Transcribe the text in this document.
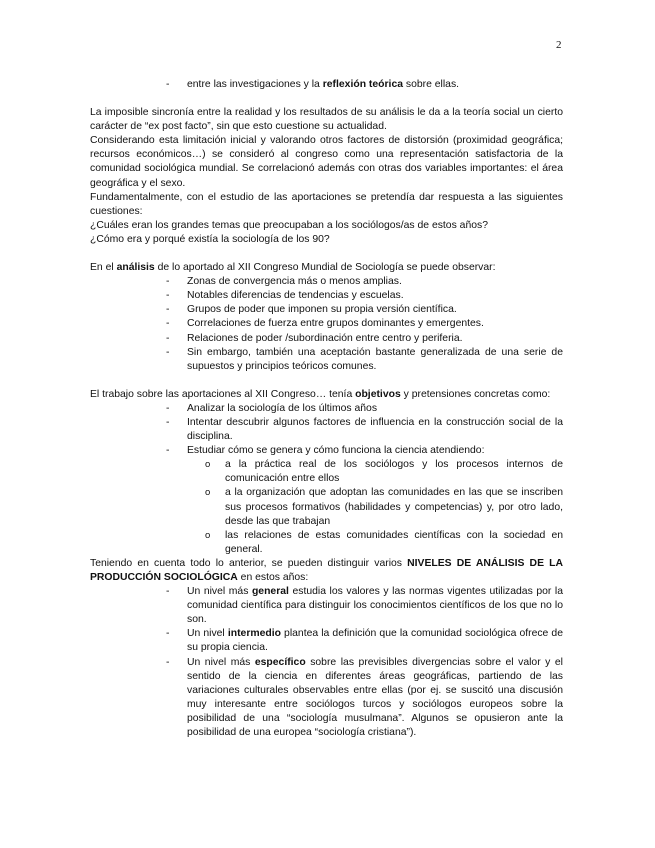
2
- entre las investigaciones y la reflexión teórica sobre ellas.

La imposible sincronía entre la realidad y los resultados de su análisis le da a la teoría social un cierto carácter de “ex post facto”, sin que esto cuestione su actualidad.

Considerando esta limitación inicial y valorando otros factores de distorsión (proximidad geográfica; recursos económicos…) se consideró al congreso como una representación satisfactoria de la comunidad sociológica mundial. Se correlacionó además con otras dos variables importantes: el área geográfica y el sexo.

Fundamentalmente, con el estudio de las aportaciones se pretendía dar respuesta a las siguientes cuestiones:

¿Cuáles eran los grandes temas que preocupaban a los sociólogos/as de estos años?

¿Cómo era y porqué existía la sociología de los 90?

En el análisis de lo aportado al XII Congreso Mundial de Sociología se puede observar:

- Zonas de convergencia más o menos amplias.
- Notables diferencias de tendencias y escuelas.
- Grupos de poder que imponen su propia versión científica.
- Correlaciones de fuerza entre grupos dominantes y emergentes.
- Relaciones de poder /subordinación entre centro y periferia.
- Sin embargo, también una aceptación bastante generalizada de una serie de supuestos y principios teóricos comunes.

El trabajo sobre las aportaciones al XII Congreso… tenía objetivos y pretensiones concretas como:

- Analizar la sociología de los últimos años
- Intentar descubrir algunos factores de influencia en la construcción social de la disciplina.
- Estudiar cómo se genera y cómo funciona la ciencia atendiendo:
o a la práctica real de los sociólogos y los procesos internos de comunicación entre ellos
o a la organización que adoptan las comunidades en las que se inscriben sus procesos formativos (habilidades y competencias) y, por otro lado, desde las que trabajan
o las relaciones de estas comunidades científicas con la sociedad en general.

Teniendo en cuenta todo lo anterior, se pueden distinguir varios NIVELES DE ANÁLISIS DE LA PRODUCCIÓN SOCIOLÓGICA en estos años:

- Un nivel más general estudia los valores y las normas vigentes utilizadas por la comunidad científica para distinguir los conocimientos científicos de los que no lo son.
- Un nivel intermedio plantea la definición que la comunidad sociológica ofrece de su propia ciencia.
- Un nivel más específico sobre las previsibles divergencias sobre el valor y el sentido de la ciencia en diferentes áreas geográficas, partiendo de las variaciones culturales observables entre ellas (por ej. se suscitó una discusión muy interesante entre sociólogos turcos y sociólogos europeos sobre la posibilidad de una “sociología musulmana”. Algunos se opusieron ante la posibilidad de una europea “sociología cristiana”).
